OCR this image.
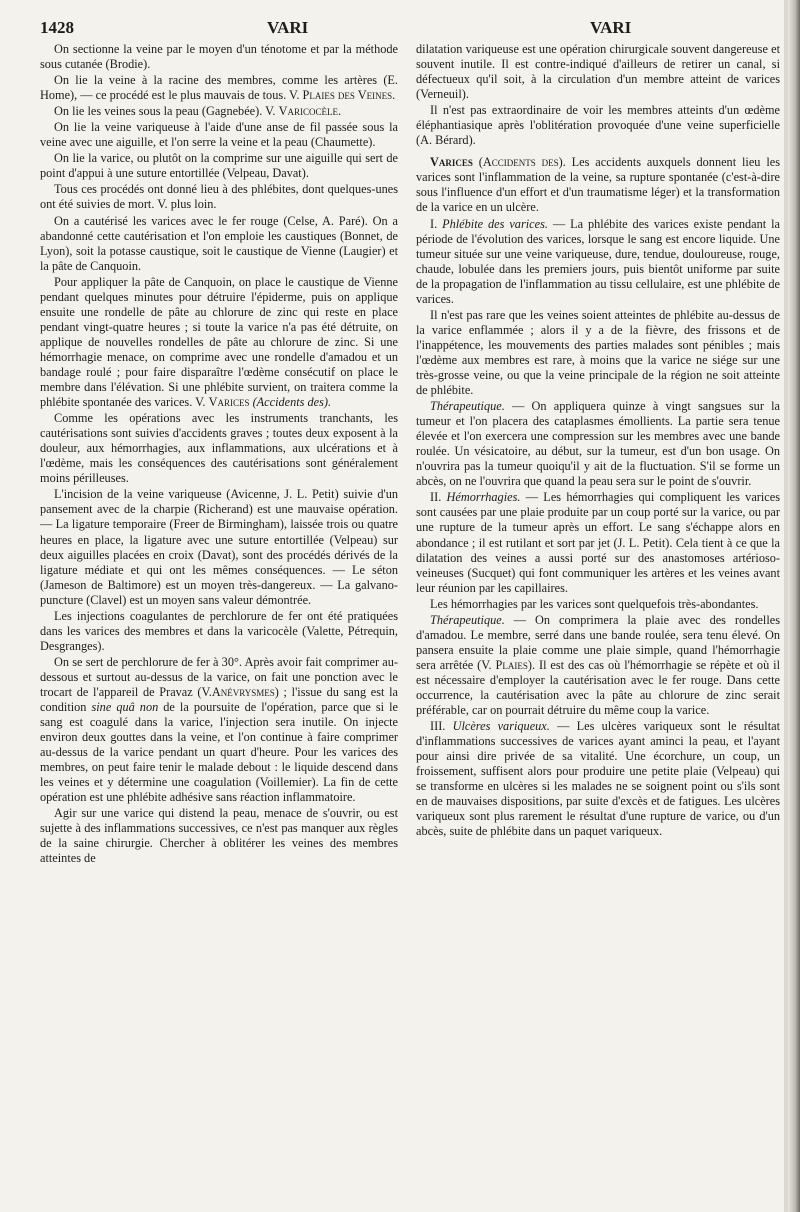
1428	VARI	VARI

On sectionne la veine par le moyen d'un ténotome et par la méthode sous cutanée (Brodie).

On lie la veine à la racine des membres, comme les artères (E. Home), — ce procédé est le plus mauvais de tous. V. Plaies des Veines.

On lie les veines sous la peau (Gagnebée). V. Varicocèle.

On lie la veine variqueuse à l'aide d'une anse de fil passée sous la veine avec une aiguille, et l'on serre la veine et la peau (Chaumette).

On lie la varice, ou plutôt on la comprime sur une aiguille qui sert de point d'appui à une suture entortillée (Velpeau, Davat).

Tous ces procédés ont donné lieu à des phlébites, dont quelques-unes ont été suivies de mort. V. plus loin.

On a cautérisé les varices avec le fer rouge (Celse, A. Paré). On a abandonné cette cautérisation et l'on emploie les caustiques (Bonnet, de Lyon), soit la potasse caustique, soit le caustique de Vienne (Laugier) et la pâte de Canquoin.

Pour appliquer la pâte de Canquoin, on place le caustique de Vienne pendant quelques minutes pour détruire l'épiderme, puis on applique ensuite une rondelle de pâte au chlorure de zinc qui reste en place pendant vingt-quatre heures ; si toute la varice n'a pas été détruite, on applique de nouvelles rondelles de pâte au chlorure de zinc. Si une hémorrhagie menace, on comprime avec une rondelle d'amadou et un bandage roulé ; pour faire disparaître l'œdème consécutif on place le membre dans l'élévation. Si une phlébite survient, on traitera comme la phlébite spontanée des varices. V. Varices (Accidents des).

Comme les opérations avec les instruments tranchants, les cautérisations sont suivies d'accidents graves ; toutes deux exposent à la douleur, aux hémorrhagies, aux inflammations, aux ulcérations et à l'œdème, mais les conséquences des cautérisations sont généralement moins périlleuses.

L'incision de la veine variqueuse (Avicenne, J. L. Petit) suivie d'un pansement avec de la charpie (Richerand) est une mauvaise opération. — La ligature temporaire (Freer de Birmingham), laissée trois ou quatre heures en place, la ligature avec une suture entortillée (Velpeau) sur deux aiguilles placées en croix (Davat), sont des procédés dérivés de la ligature médiate et qui ont les mêmes conséquences. — Le séton (Jameson de Baltimore) est un moyen très-dangereux. — La galvano-puncture (Clavel) est un moyen sans valeur démontrée.

Les injections coagulantes de perchlorure de fer ont été pratiquées dans les varices des membres et dans la varicocèle (Valette, Pétrequin, Desgranges).

On se sert de perchlorure de fer à 30°. Après avoir fait comprimer au-dessous et surtout au-dessus de la varice, on fait une ponction avec le trocart de l'appareil de Pravaz (V.Anévrysmes) ; l'issue du sang est la condition sine quâ non de la poursuite de l'opération, parce que si le sang est coagulé dans la varice, l'injection sera inutile. On injecte environ deux gouttes dans la veine, et l'on continue à faire comprimer au-dessus de la varice pendant un quart d'heure. Pour les varices des membres, on peut faire tenir le malade debout : le liquide descend dans les veines et y détermine une coagulation (Voillemier). La fin de cette opération est une phlébite adhésive sans réaction inflammatoire.

Agir sur une varice qui distend la peau, menace de s'ouvrir, ou est sujette à des inflammations successives, ce n'est pas manquer aux règles de la saine chirurgie. Chercher à oblitérer les veines des membres atteintes de

dilatation variqueuse est une opération chirurgicale souvent dangereuse et souvent inutile. Il est contre-indiqué d'ailleurs de retirer un canal, si défectueux qu'il soit, à la circulation d'un membre atteint de varices (Verneuil).

Il n'est pas extraordinaire de voir les membres atteints d'un œdème éléphantiasique après l'oblitération provoquée d'une veine superficielle (A. Bérard).

Varices (Accidents des). Les accidents auxquels donnent lieu les varices sont l'inflammation de la veine, sa rupture spontanée (c'est-à-dire sous l'influence d'un effort et d'un traumatisme léger) et la transformation de la varice en un ulcère.

I. Phlébite des varices. — La phlébite des varices existe pendant la période de l'évolution des varices, lorsque le sang est encore liquide. Une tumeur située sur une veine variqueuse, dure, tendue, douloureuse, rouge, chaude, lobulée dans les premiers jours, puis bientôt uniforme par suite de la propagation de l'inflammation au tissu cellulaire, est une phlébite de varices.

Il n'est pas rare que les veines soient atteintes de phlébite au-dessus de la varice enflammée ; alors il y a de la fièvre, des frissons et de l'inappétence, les mouvements des parties malades sont pénibles ; mais l'œdème aux membres est rare, à moins que la varice ne siége sur une très-grosse veine, ou que la veine principale de la région ne soit atteinte de phlébite.

Thérapeutique. — On appliquera quinze à vingt sangsues sur la tumeur et l'on placera des cataplasmes émollients. La partie sera tenue élevée et l'on exercera une compression sur les membres avec une bande roulée. Un vésicatoire, au début, sur la tumeur, est d'un bon usage. On n'ouvrira pas la tumeur quoiqu'il y ait de la fluctuation. S'il se forme un abcès, on ne l'ouvrira que quand la peau sera sur le point de s'ouvrir.

II. Hémorrhagies. — Les hémorrhagies qui compliquent les varices sont causées par une plaie produite par un coup porté sur la varice, ou par une rupture de la tumeur après un effort. Le sang s'échappe alors en abondance ; il est rutilant et sort par jet (J. L. Petit). Cela tient à ce que la dilatation des veines a aussi porté sur des anastomoses artérioso-veineuses (Sucquet) qui font communiquer les artères et les veines avant leur réunion par les capillaires.

Les hémorrhagies par les varices sont quelquefois très-abondantes.

Thérapeutique. — On comprimera la plaie avec des rondelles d'amadou. Le membre, serré dans une bande roulée, sera tenu élevé. On pansera ensuite la plaie comme une plaie simple, quand l'hémorrhagie sera arrêtée (V. Plaies). Il est des cas où l'hémorrhagie se répète et où il est nécessaire d'employer la cautérisation avec le fer rouge. Dans cette occurrence, la cautérisation avec la pâte au chlorure de zinc serait préférable, car on pourrait détruire du même coup la varice.

III. Ulcères variqueux. — Les ulcères variqueux sont le résultat d'inflammations successives de varices ayant aminci la peau, et l'ayant pour ainsi dire privée de sa vitalité. Une écorchure, un coup, un froissement, suffisent alors pour produire une petite plaie (Velpeau) qui se transforme en ulcères si les malades ne se soignent point ou s'ils sont en de mauvaises dispositions, par suite d'excès et de fatigues. Les ulcères variqueux sont plus rarement le résultat d'une rupture de varice, ou d'un abcès, suite de phlébite dans un paquet variqueux.
